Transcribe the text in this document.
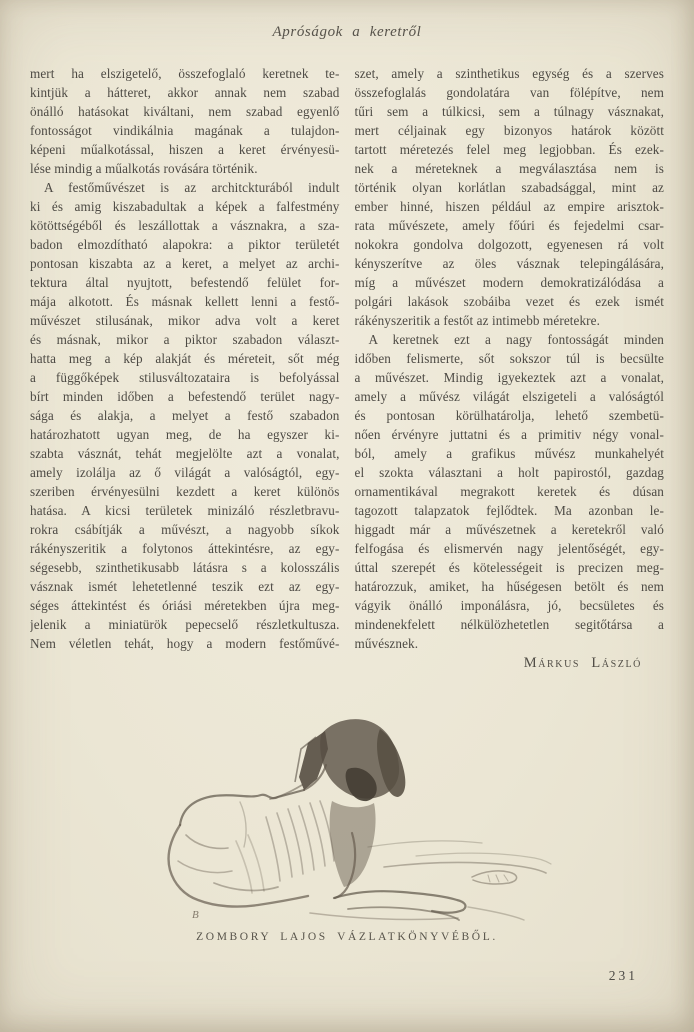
Apróságok a keretről
mert ha elszigetelő, összefoglaló keretnek te-
kintjük a hátteret, akkor annak nem szabad
önálló hatásokat kiváltani, nem szabad egyenlő
fontosságot vindikálnia magának a tulajdon-
képeni műalkotással, hiszen a keret érvényesü-
lése mindig a műalkotás rovására történik.
A festőművészet is az architckturából indult
ki és amig kiszabadultak a képek a falfestmény
kötöttségéből és leszállottak a vásznakra, a sza-
badon elmozdítható alapokra: a piktor területét
pontosan kiszabta az a keret, a melyet az archi-
tektura által nyujtott, befestendő felület for-
mája alkotott. És másnak kellett lenni a festő-
művészet stilusának, mikor adva volt a keret
és másnak, mikor a piktor szabadon választ-
hatta meg a kép alakját és méreteit, sőt még
a függőképek stilusváltozataira is befolyással
bírt minden időben a befestendő terület nagy-
sága és alakja, a melyet a festő szabadon
határozhatott ugyan meg, de ha egyszer ki-
szabta vásznát, tehát megjelölte azt a vonalat,
amely izolálja az ő világát a valóságtól, egy-
szeriben érvényesülni kezdett a keret különös
hatása. A kicsi területek minizáló részletbravu-
rokra csábítják a művészt, a nagyobb síkok
rákényszeritik a folytonos áttekintésre, az egy-
ségesebb, szinthetikusabb látásra s a kolosszális
vásznak ismét lehetetlenné teszik ezt az egy-
séges áttekintést és óriási méretekben újra meg-
jelenik a miniatürök pepecselő részletkultusza.
Nem véletlen tehát, hogy a modern festőművé-
szet, amely a szinthetikus egység és a szerves
összefoglalás gondolatára van fölépítve, nem
tűri sem a túlkicsi, sem a túlnagy vásznakat,
mert céljainak egy bizonyos határok között
tartott méretezés felel meg legjobban. És ezek-
nek a méreteknek a megválasztása nem is
történik olyan korlátlan szabadsággal, mint az
ember hinné, hiszen például az empire arisztok-
rata művészete, amely főúri és fejedelmi csar-
nokokra gondolva dolgozott, egyenesen rá volt
kényszerítve az öles vásznak telepingálására,
míg a művészet modern demokratizálódása a
polgári lakások szobáiba vezet és ezek ismét
rákényszeritik a festőt az intimebb méretekre.
A keretnek ezt a nagy fontosságát minden
időben felismerte, sőt sokszor túl is becsülte
a művészet. Mindig igyekeztek azt a vonalat,
amely a művész világát elszigeteli a valóságtól
és pontosan körülhatárolja, lehető szembetü-
nően érvényre juttatni és a primitiv négy vonal-
ból, amely a grafikus művész munkahelyét
el szokta választani a holt papirostól, gazdag
ornamentikával megrakott keretek és dúsan
tagozott talapzatok fejlődtek. Ma azonban le-
higgadt már a művészetnek a keretekről való
felfogása és elismervén nagy jelentőségét, egy-
úttal szerepét és kötelességeit is precizen meg-
határozzuk, amiket, ha hűségesen betölt és nem
vágyik önálló imponálásra, jó, becsületes és
mindenekfelett nélkülözhetetlen segitőtársa a
művésznek.
Márkus László
B
ZOMBORY LAJOS VÁZLATKÖNYVÉBŐL.
231
